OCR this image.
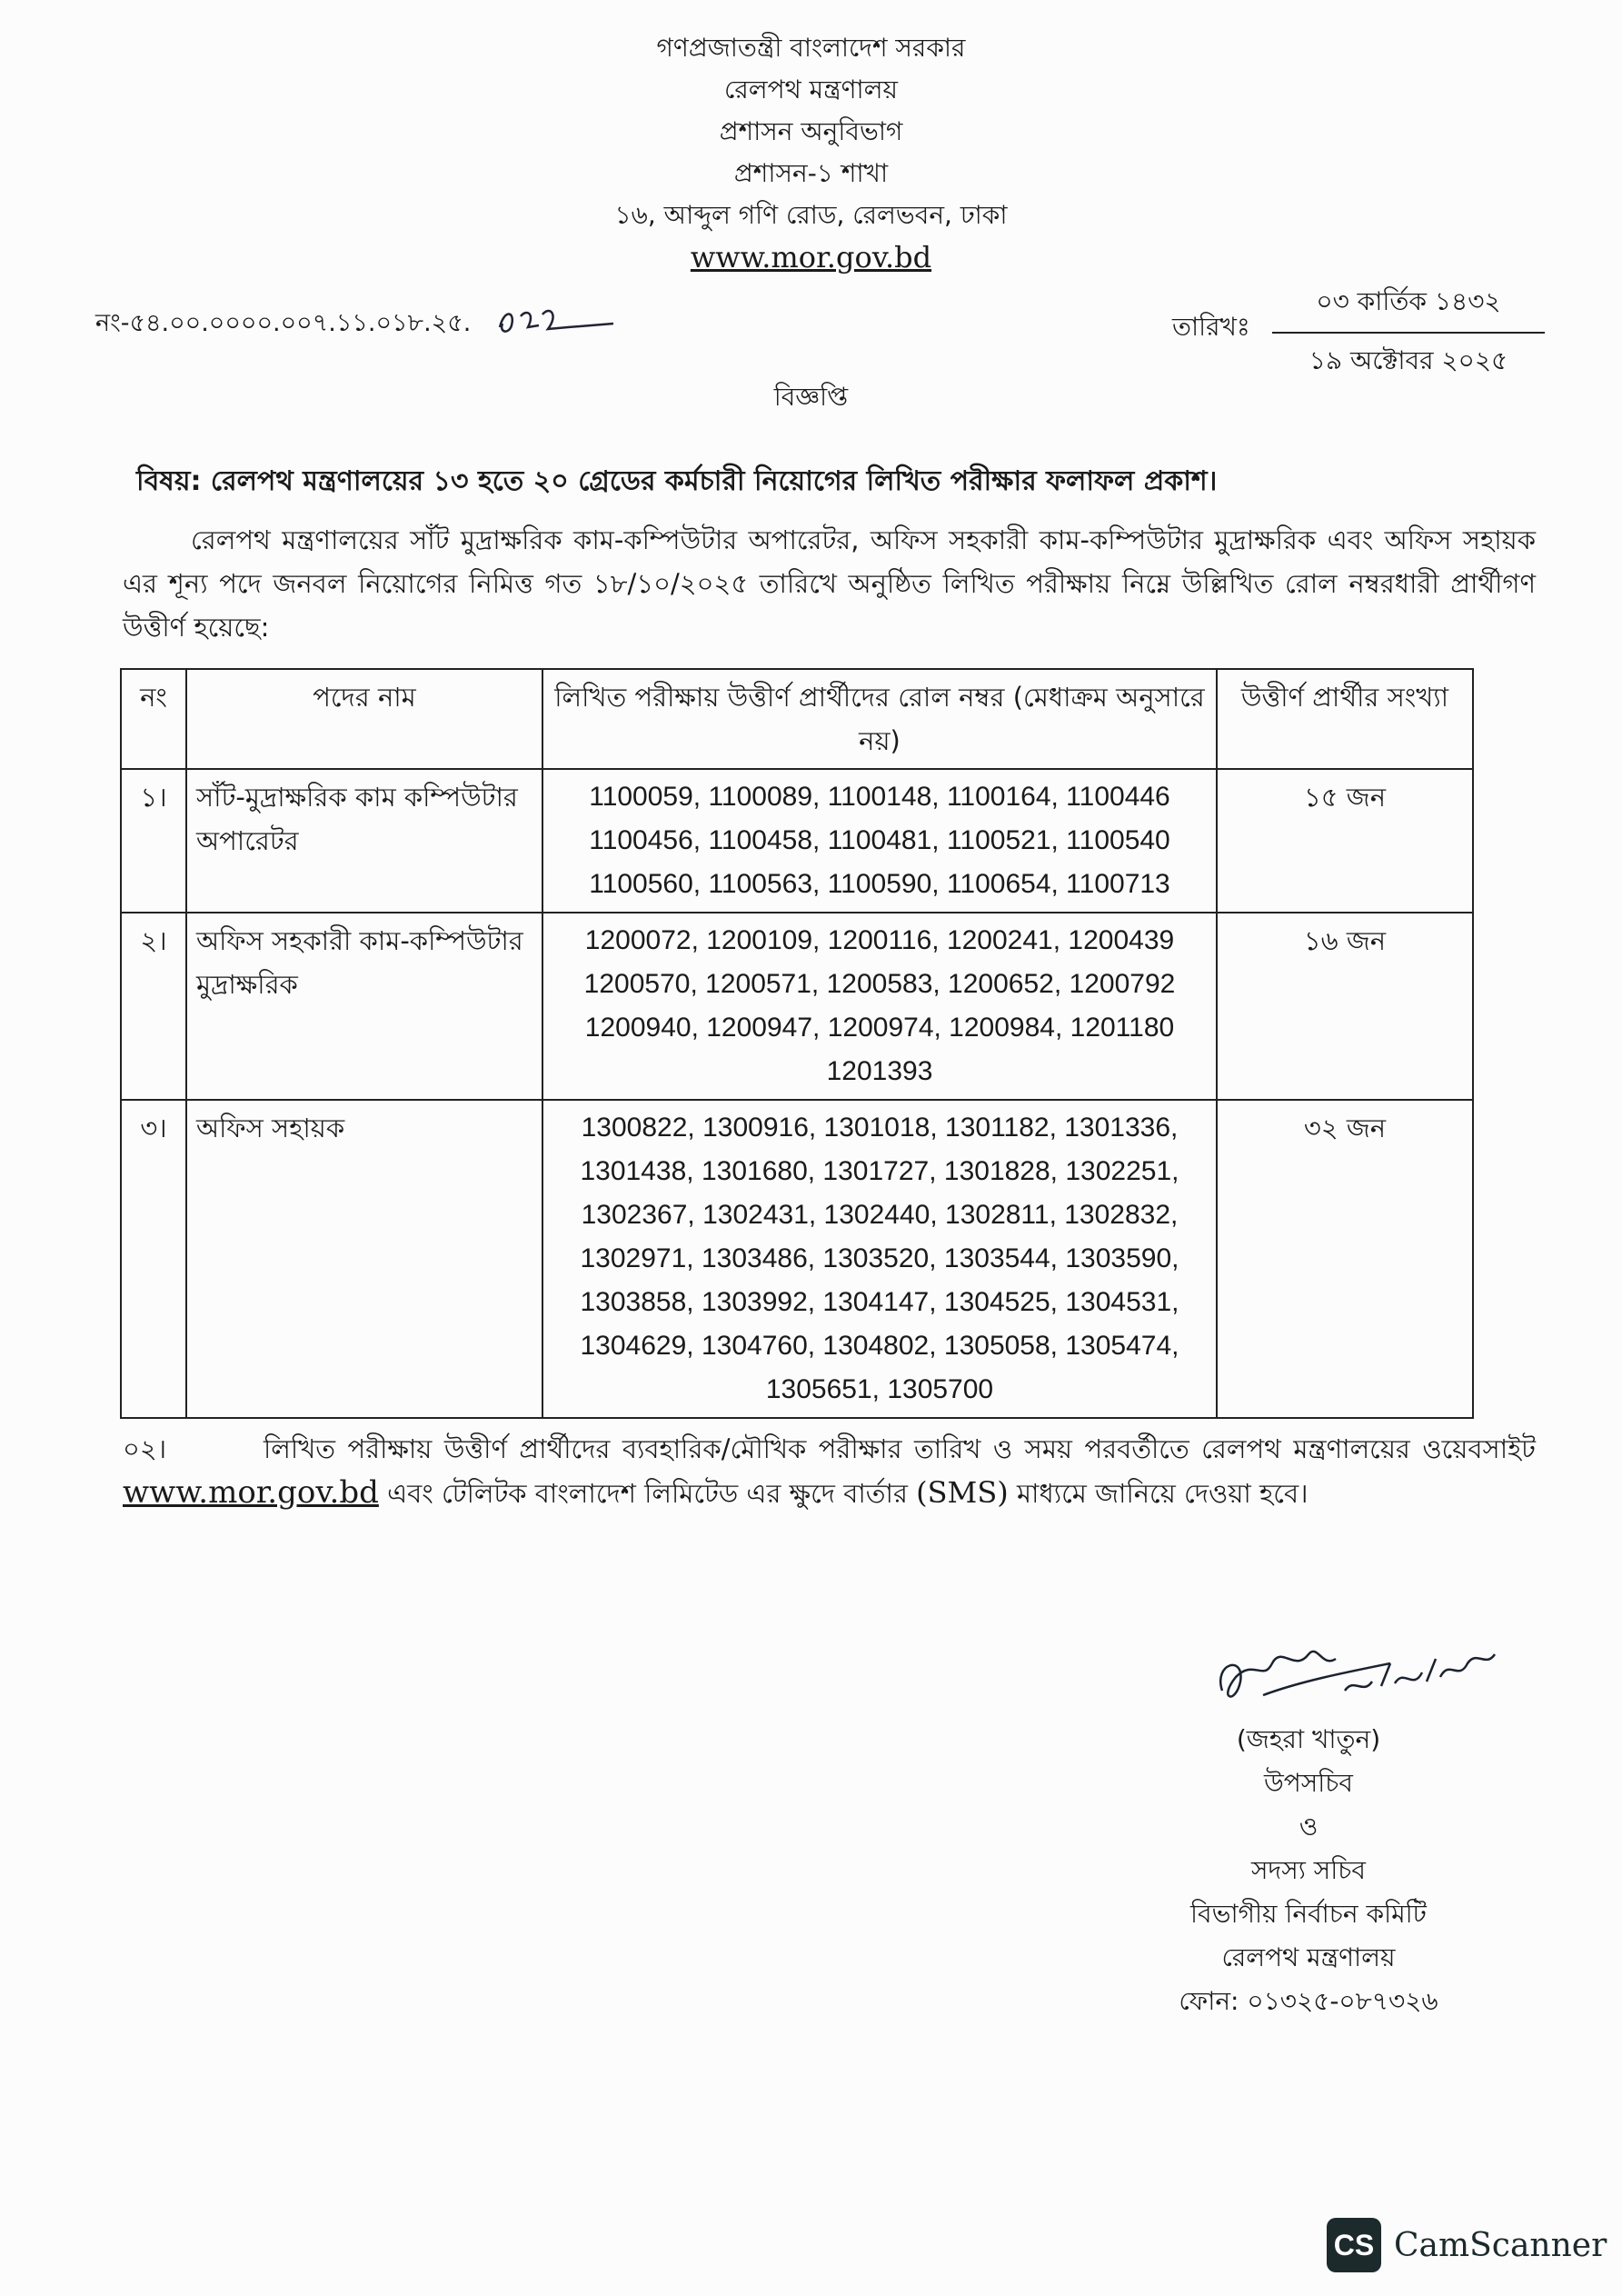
গণপ্রজাতন্ত্রী বাংলাদেশ সরকার
রেলপথ মন্ত্রণালয়
প্রশাসন অনুবিভাগ
প্রশাসন-১ শাখা
১৬, আব্দুল গণি রোড, রেলভবন, ঢাকা
www.mor.gov.bd
নং-৫৪.০০.০০০০.০০৭.১১.০১৮.২৫.	তারিখঃ
০৩ কার্তিক ১৪৩২
১৯ অক্টোবর ২০২৫
বিজ্ঞপ্তি
বিষয়: রেলপথ মন্ত্রণালয়ের ১৩ হতে ২০ গ্রেডের কর্মচারী নিয়োগের লিখিত পরীক্ষার ফলাফল প্রকাশ।
রেলপথ মন্ত্রণালয়ের সাঁট মুদ্রাক্ষরিক কাম-কম্পিউটার অপারেটর, অফিস সহকারী কাম-কম্পিউটার মুদ্রাক্ষরিক এবং অফিস সহায়ক এর শূন্য পদে জনবল নিয়োগের নিমিত্ত গত ১৮/১০/২০২৫ তারিখে অনুষ্ঠিত লিখিত পরীক্ষায় নিম্নে উল্লিখিত রোল নম্বরধারী প্রার্থীগণ উত্তীর্ণ হয়েছে:
নং	পদের নাম	লিখিত পরীক্ষায় উত্তীর্ণ প্রার্থীদের রোল নম্বর (মেধাক্রম অনুসারে নয়)	উত্তীর্ণ প্রার্থীর সংখ্যা
১।	সাঁট-মুদ্রাক্ষরিক কাম কম্পিউটার অপারেটর	1100059, 1100089, 1100148, 1100164, 1100446 1100456, 1100458, 1100481, 1100521, 1100540 1100560, 1100563, 1100590, 1100654, 1100713	১৫ জন
২।	অফিস সহকারী কাম-কম্পিউটার মুদ্রাক্ষরিক	1200072, 1200109, 1200116, 1200241, 1200439 1200570, 1200571, 1200583, 1200652, 1200792 1200940, 1200947, 1200974, 1200984, 1201180 1201393	১৬ জন
৩।	অফিস সহায়ক	1300822, 1300916, 1301018, 1301182, 1301336, 1301438, 1301680, 1301727, 1301828, 1302251, 1302367, 1302431, 1302440, 1302811, 1302832, 1302971, 1303486, 1303520, 1303544, 1303590, 1303858, 1303992, 1304147, 1304525, 1304531, 1304629, 1304760, 1304802, 1305058, 1305474, 1305651, 1305700	৩২ জন
০২।	লিখিত পরীক্ষায় উত্তীর্ণ প্রার্থীদের ব্যবহারিক/মৌখিক পরীক্ষার তারিখ ও সময় পরবর্তীতে রেলপথ মন্ত্রণালয়ের ওয়েবসাইট www.mor.gov.bd এবং টেলিটক বাংলাদেশ লিমিটেড এর ক্ষুদে বার্তার (SMS) মাধ্যমে জানিয়ে দেওয়া হবে।
(জহরা খাতুন)
উপসচিব
ও
সদস্য সচিব
বিভাগীয় নির্বাচন কমিটি
রেলপথ মন্ত্রণালয়
ফোন: ০১৩২৫-০৮৭৩২৬
CS CamScanner
